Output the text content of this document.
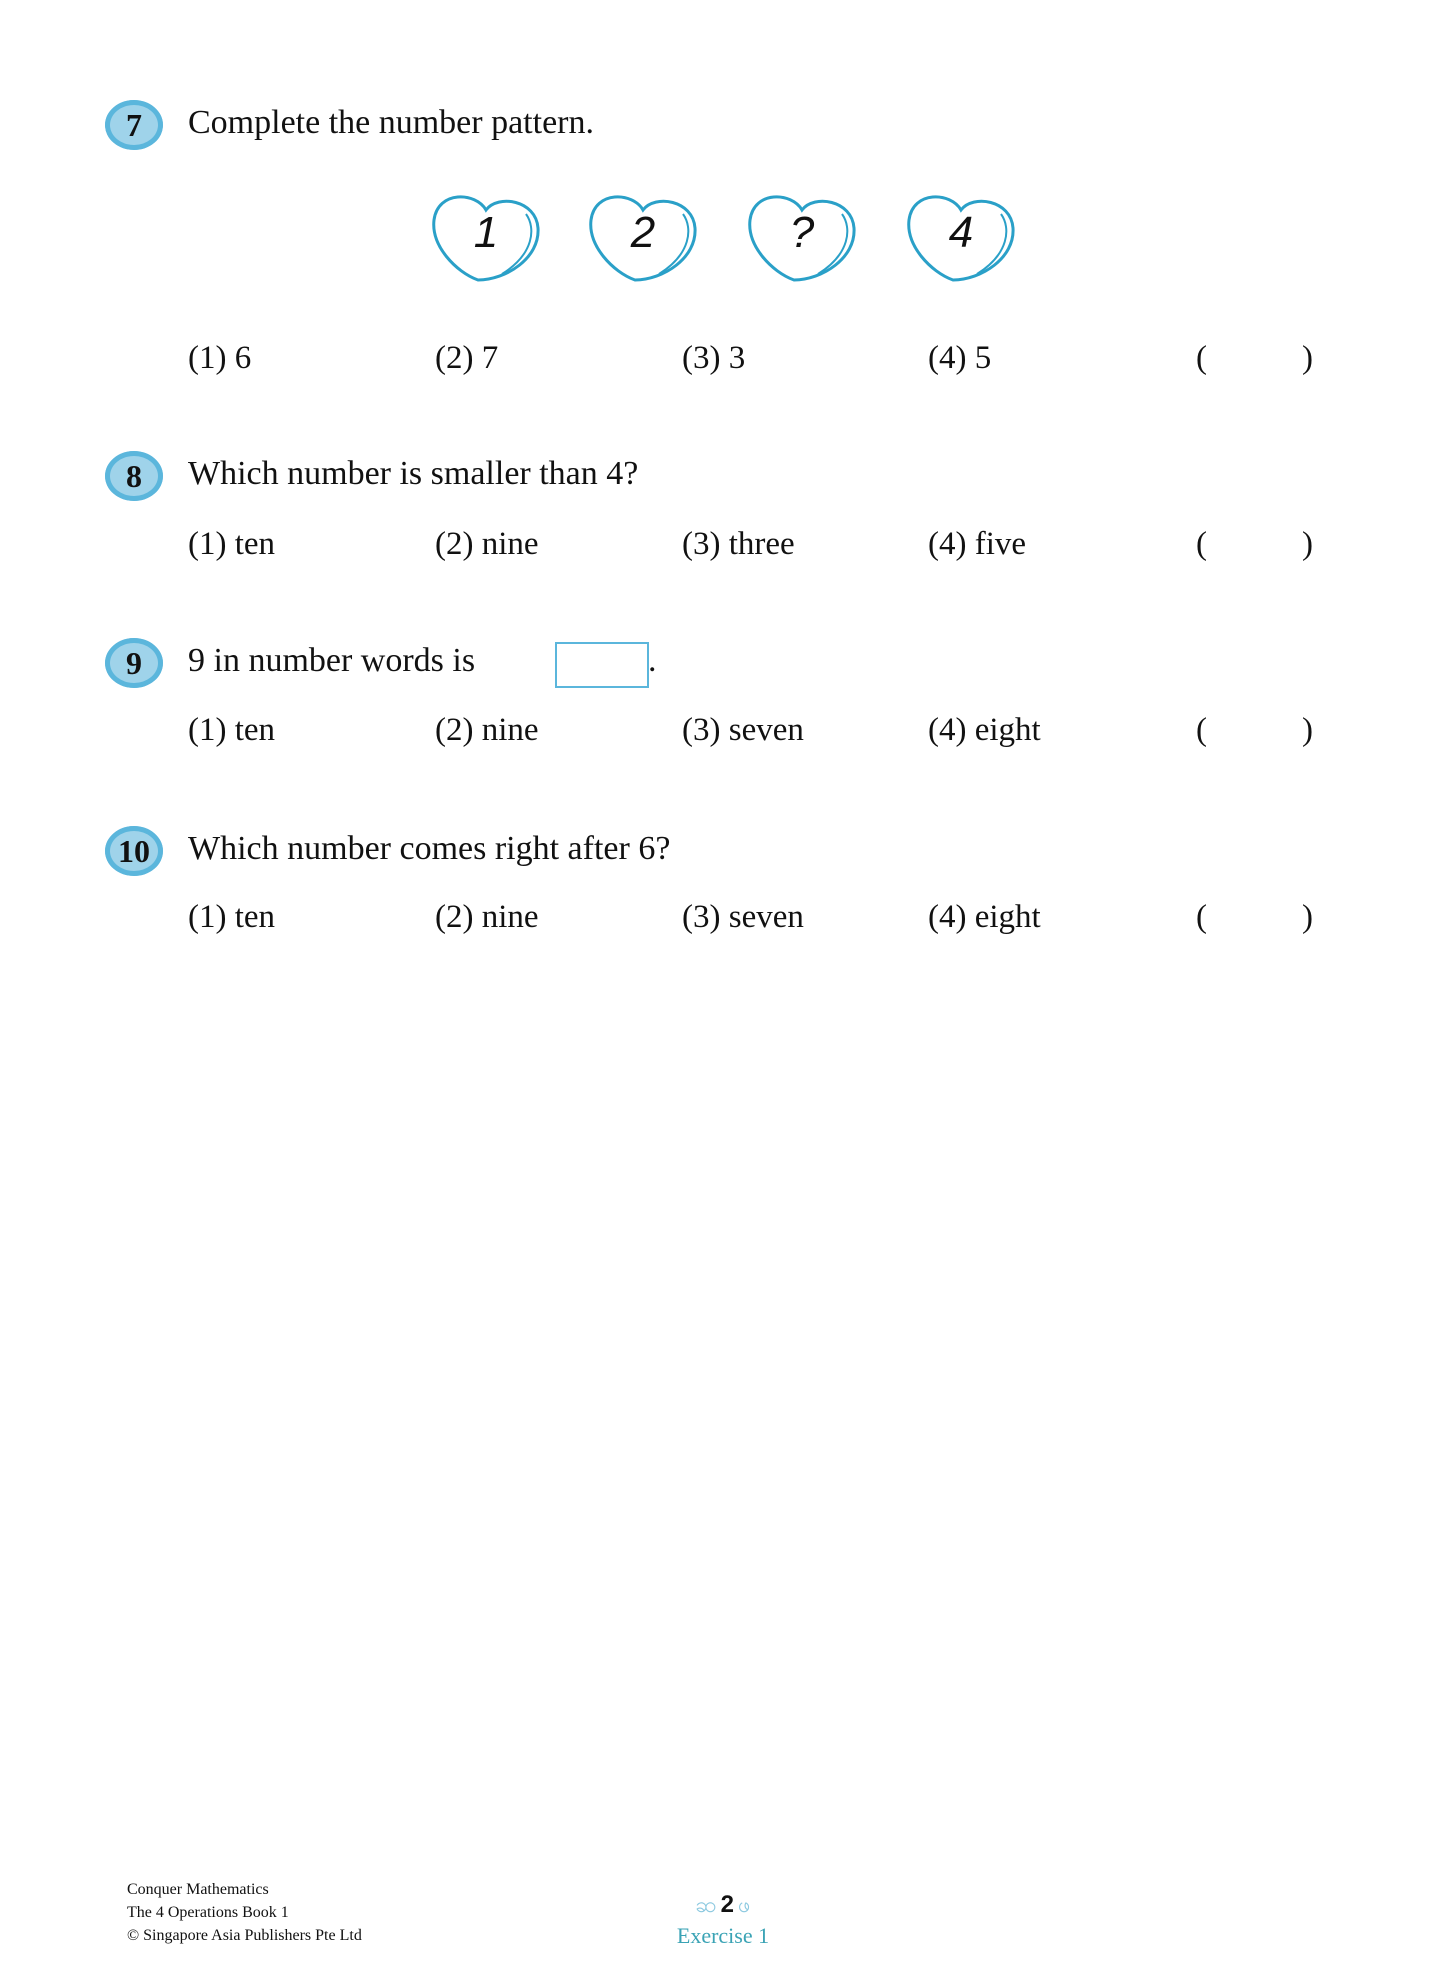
7	Complete the number pattern.
1	2	?	4
(1) 6	(2) 7	(3) 3	(4) 5	(	)
8	Which number is smaller than 4?
(1) ten	(2) nine	(3) three	(4) five	(	)
9	9 in number words is	.
(1) ten	(2) nine	(3) seven	(4) eight	(	)
10	Which number comes right after 6?
(1) ten	(2) nine	(3) seven	(4) eight	(	)
Conquer Mathematics
The 4 Operations Book 1
© Singapore Asia Publishers Pte Ltd
ဆ 2 ဖ
Exercise 1
